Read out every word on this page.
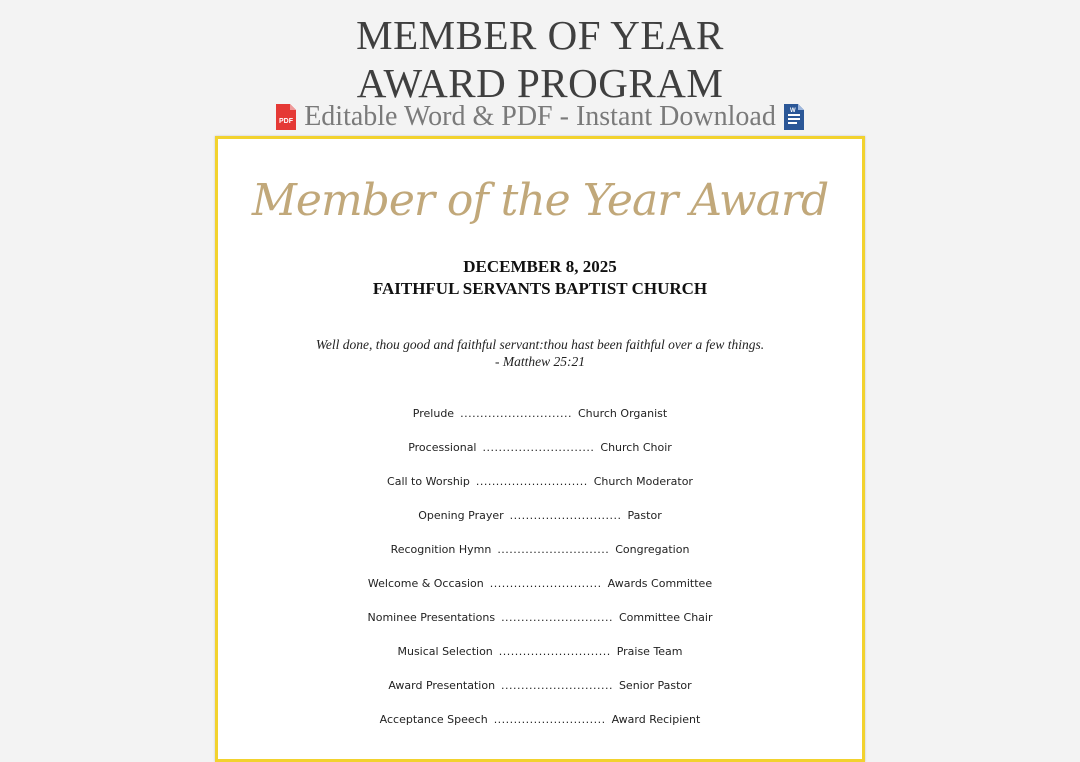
MEMBER OF YEAR
AWARD PROGRAM
PDF Editable Word & PDF - Instant Download W
Member of the Year Award
DECEMBER 8, 2025
FAITHFUL SERVANTS BAPTIST CHURCH
Well done, thou good and faithful servant:thou hast been faithful over a few things.
- Matthew 25:21
Prelude ............................ Church Organist
Processional ............................ Church Choir
Call to Worship ............................ Church Moderator
Opening Prayer ............................ Pastor
Recognition Hymn ............................ Congregation
Welcome & Occasion ............................ Awards Committee
Nominee Presentations ............................ Committee Chair
Musical Selection ............................ Praise Team
Award Presentation ............................ Senior Pastor
Acceptance Speech ............................ Award Recipient
